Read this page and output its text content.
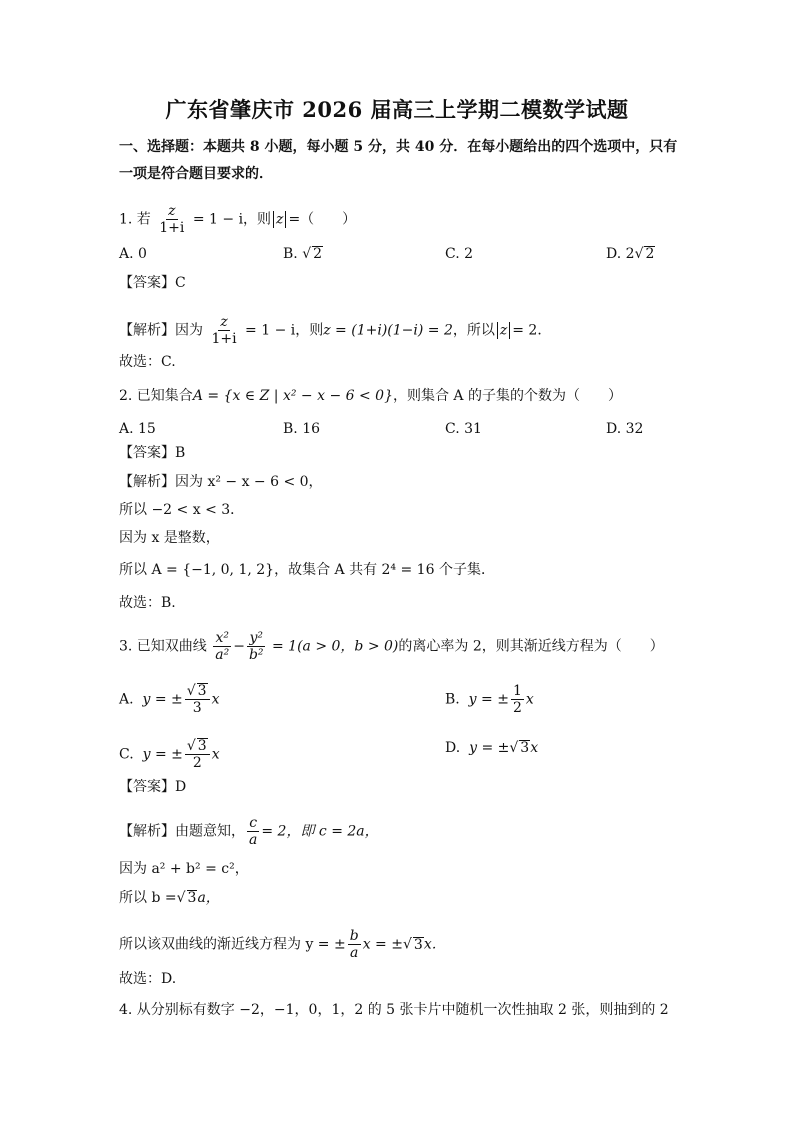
广东省肇庆市 2026 届高三上学期二模数学试题
一、选择题：本题共 8 小题，每小题 5 分，共 40 分．在每小题给出的四个选项中，只有
一项是符合题目要求的．
1. 若 $\frac{z}{1+i} = 1 - i$，则 z =（　　）
A. 0	B. √ 2	C. 2	D. 2√ 2
【答案】C
【解析】因为 $\frac{z}{1+i} = 1 - i$，则z = (1+i)(1−i) = 2，所以 z = 2．
故选：C.
2. 已知集合A = {x ∈ Z | x² − x − 6 < 0}，则集合 A 的子集的个数为（　　）
A. 15	B. 16	C. 31	D. 32
【答案】B
【解析】因为 x² − x − 6 < 0，
所以 −2 < x < 3．
因为 x 是整数，
所以 A = {−1, 0, 1, 2}，故集合 A 共有 2⁴ = 16 个子集．
故选：B.
3. 已知双曲线 $\frac{\text{x²}}{\text{a²}} - \frac{\text{y²}}{\text{b²}} = 1(a > 0$，b > 0)的离心率为 2，则其渐近线方程为（　　）
A. y = ± $\frac{√ 3}{3}$ x	B. y = ± $\frac{1}{2}$ x
C. y = ± $\frac{√ 3}{2}$ x	D. y = ±√ 3x
【答案】D
【解析】由题意知， $\frac{c}{a} = 2$，即 c = 2a，
因为 a² + b² = c²，
所以 b =√ 3a，
所以该双曲线的渐近线方程为 y = ± $\frac{b}{a}$ x = ±√ 3x．
故选：D.
4. 从分别标有数字 −2，−1，0，1，2 的 5 张卡片中随机一次性抽取 2 张，则抽到的 2
